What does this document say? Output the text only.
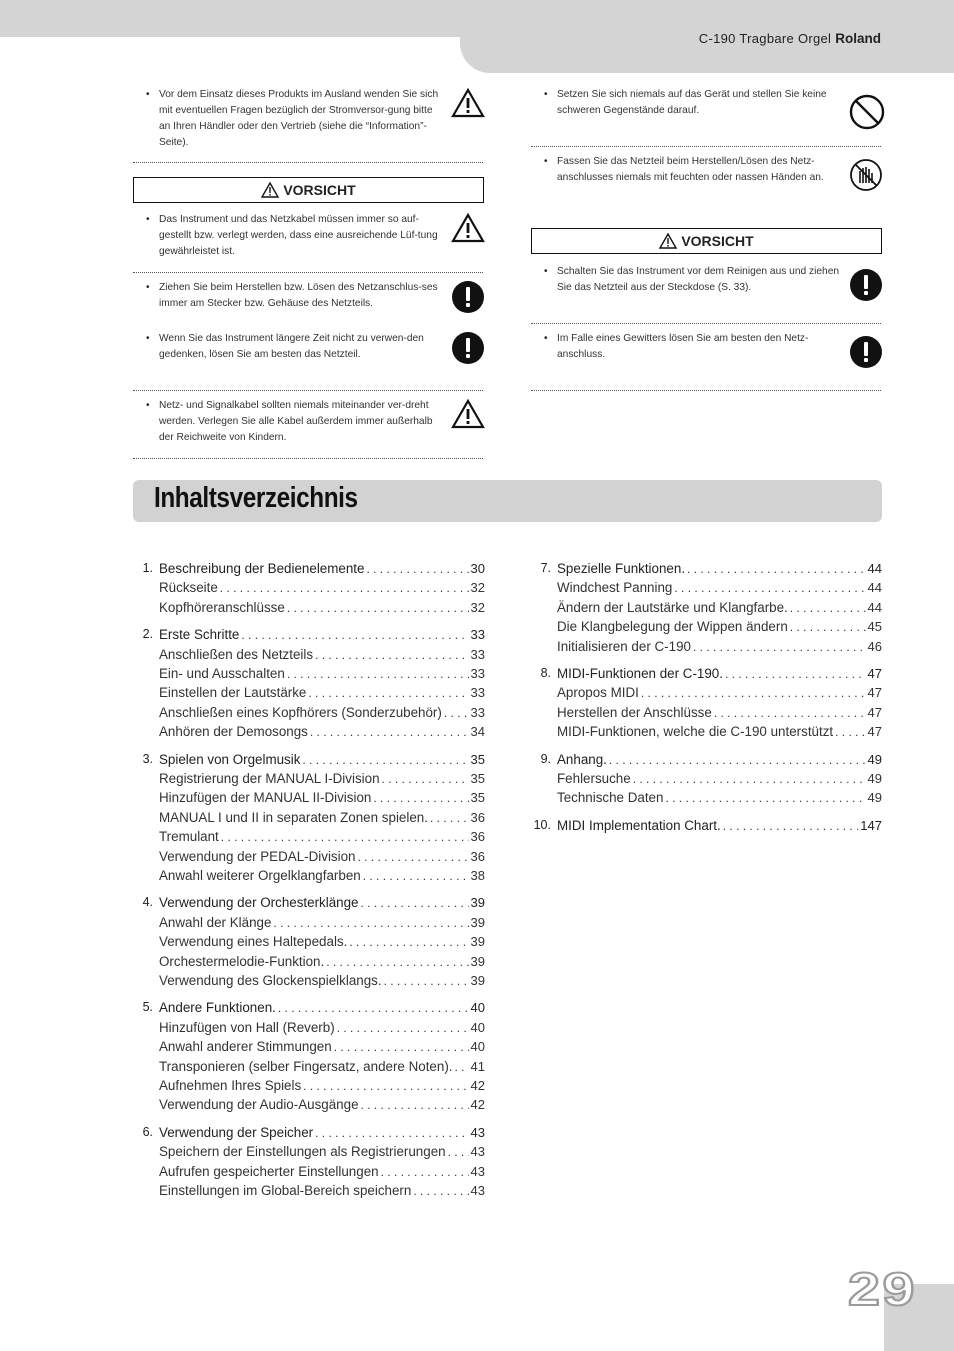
C-190 Tragbare Orgel Roland
• Vor dem Einsatz dieses Produkts im Ausland wenden Sie sich mit eventuellen Fragen bezüglich der Stromversor-gung bitte an Ihren Händler oder den Vertrieb (siehe die “Information”-Seite).
VORSICHT
• Das Instrument und das Netzkabel müssen immer so auf-gestellt bzw. verlegt werden, dass eine ausreichende Lüf-tung gewährleistet ist.
• Ziehen Sie beim Herstellen bzw. Lösen des Netzanschlus-ses immer am Stecker bzw. Gehäuse des Netzteils.
• Wenn Sie das Instrument längere Zeit nicht zu verwen-den gedenken, lösen Sie am besten das Netzteil.
• Netz- und Signalkabel sollten niemals miteinander ver-dreht werden. Verlegen Sie alle Kabel außerdem immer außerhalb der Reichweite von Kindern.
• Setzen Sie sich niemals auf das Gerät und stellen Sie keine schweren Gegenstände darauf.
• Fassen Sie das Netzteil beim Herstellen/Lösen des Netz-anschlusses niemals mit feuchten oder nassen Händen an.
VORSICHT
• Schalten Sie das Instrument vor dem Reinigen aus und ziehen Sie das Netzteil aus der Steckdose (S. 33).
• Im Falle eines Gewitters lösen Sie am besten den Netz-anschluss.
Inhaltsverzeichnis
1. Beschreibung der Bedienelemente . . .	30
Rückseite . . .	32
Kopfhöreranschlüsse . . .	32
2. Erste Schritte . . .	33
Anschließen des Netzteils . . .	33
Ein- und Ausschalten . . .	33
Einstellen der Lautstärke . . .	33
Anschließen eines Kopfhörers (Sonderzubehör) . . . 33
Anhören der Demosongs . . .	34
3. Spielen von Orgelmusik . . .	35
Registrierung der MANUAL I-Division . . .	35
Hinzufügen der MANUAL II-Division . . .	35
MANUAL I und II in separaten Zonen spielen. . . .	36
Tremulant . . .	36
Verwendung der PEDAL-Division . . .	36
Anwahl weiterer Orgelklangfarben . . .	38
4. Verwendung der Orchesterklänge . . .	39
Anwahl der Klänge . . .	39
Verwendung eines Haltepedals. . . .	39
Orchestermelodie-Funktion. . . .	39
Verwendung des Glockenspielklangs. . . .	39
5. Andere Funktionen. . . .	40
Hinzufügen von Hall (Reverb) . . .	40
Anwahl anderer Stimmungen . . .	40
Transponieren (selber Fingersatz, andere Noten). . . . 41
Aufnehmen Ihres Spiels . . .	42
Verwendung der Audio-Ausgänge . . .	42
6. Verwendung der Speicher . . .	43
Speichern der Einstellungen als Registrierungen . . . 43
Aufrufen gespeicherter Einstellungen . . .	43
Einstellungen im Global-Bereich speichern . . .	43
7. Spezielle Funktionen. . . .	44
Windchest Panning . . .	44
Ändern der Lautstärke und Klangfarbe. . . .	44
Die Klangbelegung der Wippen ändern . . .	45
Initialisieren der C-190 . . .	46
8. MIDI-Funktionen der C-190. . . .	47
Apropos MIDI . . .	47
Herstellen der Anschlüsse . . .	47
MIDI-Funktionen, welche die C-190 unterstützt . . .	47
9. Anhang. . . .	49
Fehlersuche . . .	49
Technische Daten . . .	49
10. MIDI Implementation Chart. . . .	147
29
